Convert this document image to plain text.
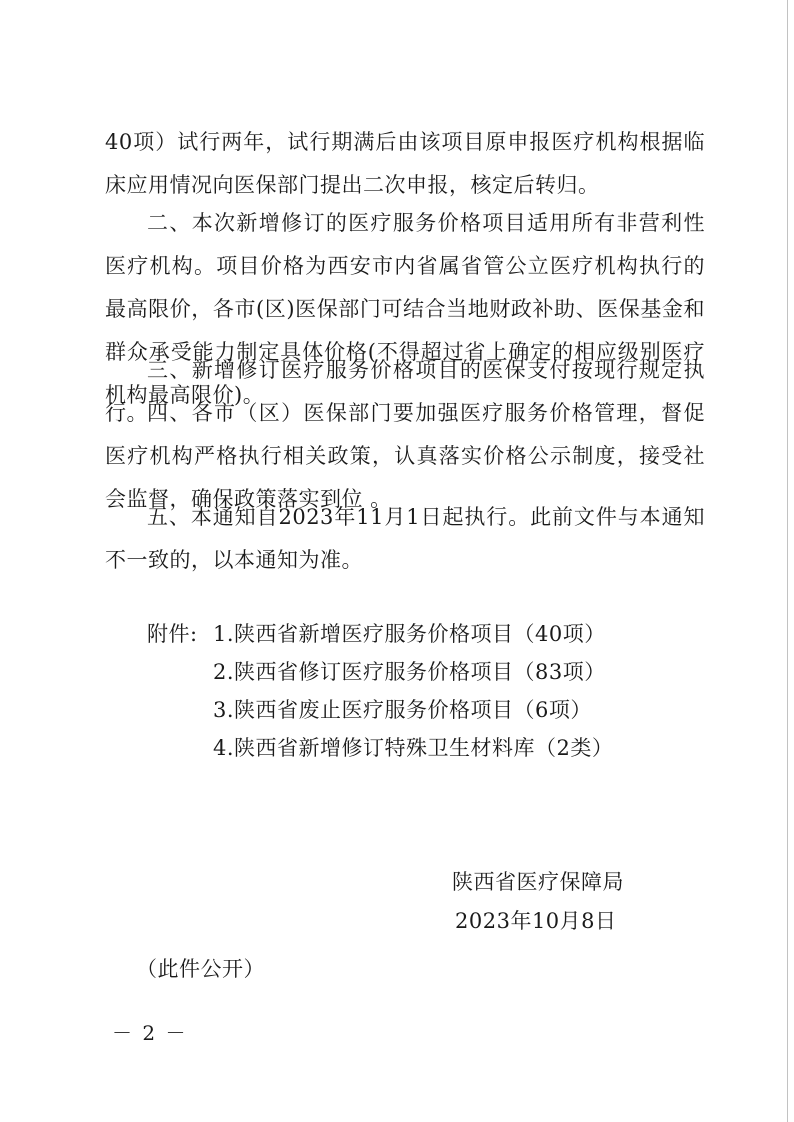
40项）试行两年，试行期满后由该项目原申报医疗机构根据临床应用情况向医保部门提出二次申报，核定后转归。

二、本次新增修订的医疗服务价格项目适用所有非营利性医疗机构。项目价格为西安市内省属省管公立医疗机构执行的最高限价，各市(区)医保部门可结合当地财政补助、医保基金和群众承受能力制定具体价格(不得超过省上确定的相应级别医疗机构最高限价)。

三、新增修订医疗服务价格项目的医保支付按现行规定执行。 四、各市（区）医保部门要加强医疗服务价格管理，督促医疗机构严格执行相关政策，认真落实价格公示制度，接受社会监督，确保政策落实到位 。

五、本通知自2023年11月1日起执行。此前文件与本通知不一致的，以本通知为准。

附件: 1.陕西省新增医疗服务价格项目（40项）
2.陕西省修订医疗服务价格项目（83项）
3.陕西省废止医疗服务价格项目（6项）
4.陕西省新增修订特殊卫生材料库（2类）
陕西省医疗保障局
2023年10月8日
（此件公开）
－ 2 －
